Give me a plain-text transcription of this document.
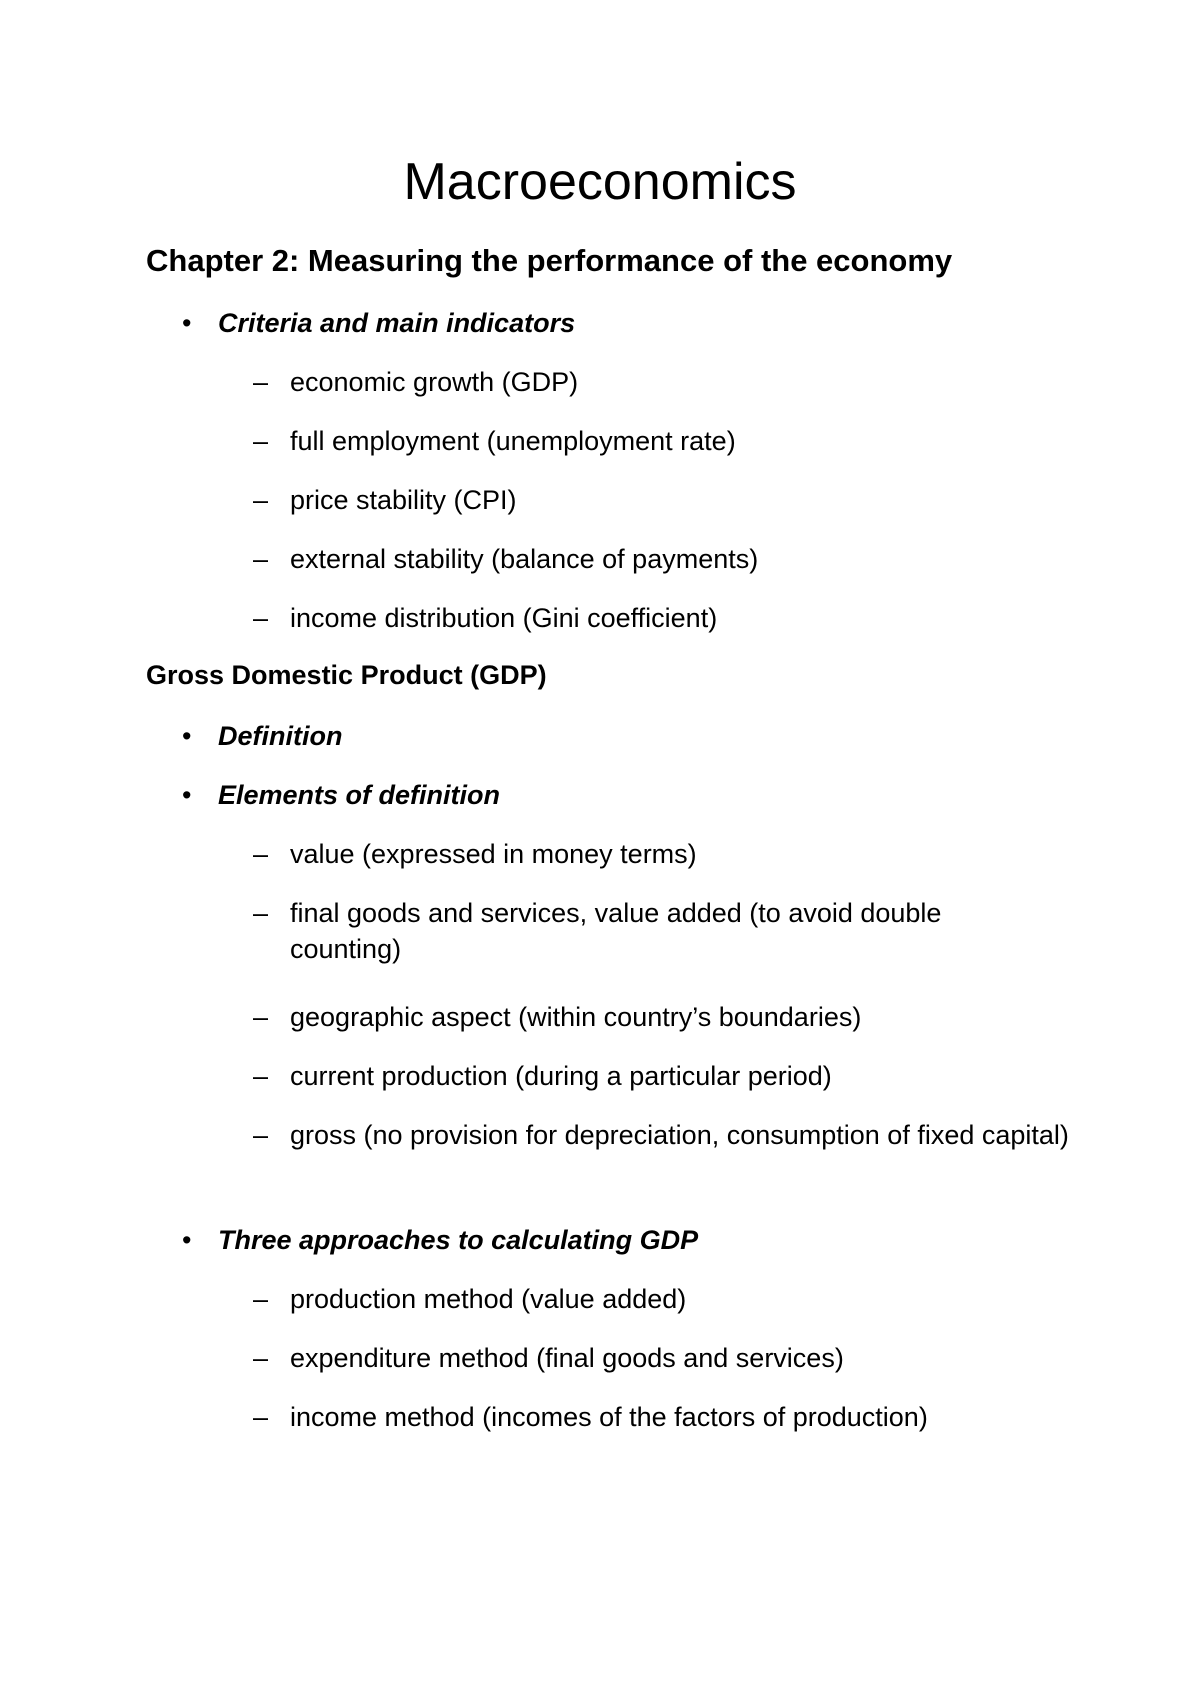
Macroeconomics
Chapter 2: Measuring the performance of the economy
• Criteria and main indicators
– economic growth (GDP)
– full employment (unemployment rate)
– price stability (CPI)
– external stability (balance of payments)
– income distribution (Gini coefficient)
Gross Domestic Product (GDP)
• Definition
• Elements of definition
– value (expressed in money terms)
– final goods and services, value added (to avoid double counting)
– geographic aspect (within country’s boundaries)
– current production (during a particular period)
– gross (no provision for depreciation, consumption of fixed capital)
• Three approaches to calculating GDP
– production method (value added)
– expenditure method (final goods and services)
– income method (incomes of the factors of production)
